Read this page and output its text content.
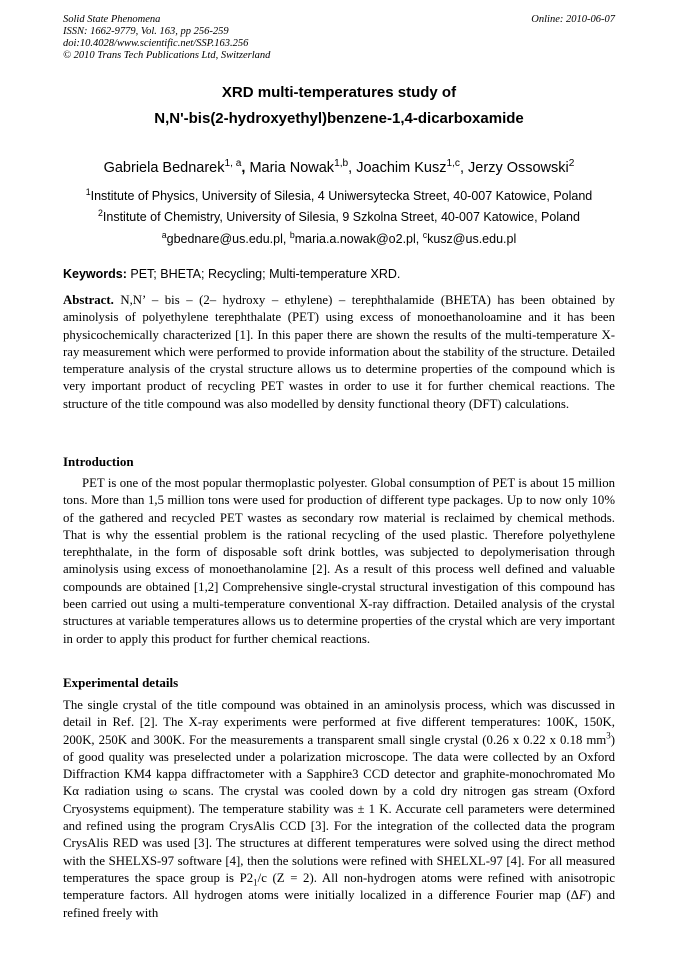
Solid State Phenomena
ISSN: 1662-9779, Vol. 163, pp 256-259
doi:10.4028/www.scientific.net/SSP.163.256
© 2010 Trans Tech Publications Ltd, Switzerland
Online: 2010-06-07
XRD multi-temperatures study of
N,N'-bis(2-hydroxyethyl)benzene-1,4-dicarboxamide
Gabriela Bednarek$^{1, a}$, Maria Nowak$^{1,b}$, Joachim Kusz$^{1,c}$, Jerzy Ossowski$^2$
$^1$Institute of Physics, University of Silesia, 4 Uniwersytecka Street, 40-007 Katowice, Poland
$^2$Institute of Chemistry, University of Silesia, 9 Szkolna Street, 40-007 Katowice, Poland
$^a$gbednare@us.edu.pl, $^b$maria.a.nowak@o2.pl, $^c$kusz@us.edu.pl
Keywords: PET; BHETA; Recycling; Multi-temperature XRD.
Abstract. N,N’ – bis – (2– hydroxy – ethylene) – terephthalamide (BHETA) has been obtained by aminolysis of polyethylene terephthalate (PET) using excess of monoethanoloamine and it has been physicochemically characterized [1]. In this paper there are shown the results of the multi-temperature X-ray measurement which were performed to provide information about the stability of the structure. Detailed temperature analysis of the crystal structure allows us to determine properties of the compound which is very important product of recycling PET wastes in order to use it for further chemical reactions. The structure of the title compound was also modelled by density functional theory (DFT) calculations.
Introduction
PET is one of the most popular thermoplastic polyester. Global consumption of PET is about 15 million tons. More than 1,5 million tons were used for production of different type packages. Up to now only 10% of the gathered and recycled PET wastes as secondary row material is reclaimed by chemical methods. That is why the essential problem is the rational recycling of the used plastic. Therefore polyethylene terephthalate, in the form of disposable soft drink bottles, was subjected to depolymerisation through aminolysis using excess of monoethanolamine [2]. As a result of this process well defined and valuable compounds are obtained [1,2] Comprehensive single-crystal structural investigation of this compound has been carried out using a multi-temperature conventional X-ray diffraction. Detailed analysis of the crystal structures at variable temperatures allows us to determine properties of the crystal which are very important in order to apply this product for further chemical reactions.
Experimental details
The single crystal of the title compound was obtained in an aminolysis process, which was discussed in detail in Ref. [2]. The X-ray experiments were performed at five different temperatures: 100K, 150K, 200K, 250K and 300K. For the measurements a transparent small single crystal (0.26 x 0.22 x 0.18 $mm^3$) of good quality was preselected under a polarization microscope. The data were collected by an Oxford Diffraction KM4 kappa diffractometer with a Sapphire3 CCD detector and graphite-monochromated Mo Kα radiation using ω scans. The crystal was cooled down by a cold dry nitrogen gas stream (Oxford Cryosystems equipment). The temperature stability was ± 1 K. Accurate cell parameters were determined and refined using the program CrysAlis CCD [3]. For the integration of the collected data the program CrysAlis RED was used [3]. The structures at different temperatures were solved using the direct method with the SHELXS-97 software [4], then the solutions were refined with SHELXL-97 [4]. For all measured temperatures the space group is $P2_1/c$ (Z = 2). All non-hydrogen atoms were refined with anisotropic temperature factors. All hydrogen atoms were initially localized in a difference Fourier map (ΔF) and refined freely with
